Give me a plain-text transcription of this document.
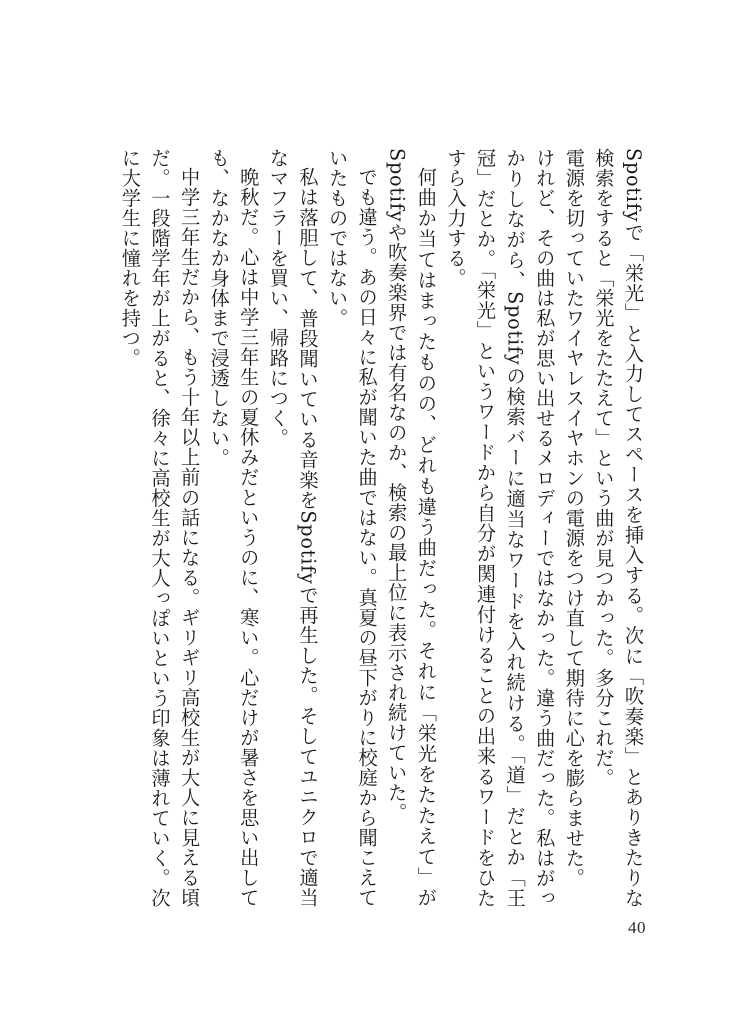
Spotifyで「栄光」と入力してスペースを挿入する。次に「吹奏楽」とありきたりな検索をすると「栄光をたたえて」という曲が見つかった。多分これだ。

電源を切っていたワイヤレスイヤホンの電源をつけ直して期待に心を膨らませた。

けれど、その曲は私が思い出せるメロディーではなかった。違う曲だった。私はがっかりしながら、Spotifyの検索バーに適当なワードを入れ続ける。「道」だとか「王冠」だとか。「栄光」というワードから自分が関連付けることの出来るワードをひたすら入力する。

何曲か当てはまったものの、どれも違う曲だった。それに「栄光をたたえて」がSpotifyや吹奏楽界では有名なのか、検索の最上位に表示され続けていた。

でも違う。あの日々に私が聞いた曲ではない。真夏の昼下がりに校庭から聞こえていたものではない。

私は落胆して、普段聞いている音楽をSpotifyで再生した。そしてユニクロで適当なマフラーを買い、帰路につく。

晩秋だ。心は中学三年生の夏休みだというのに、寒い。心だけが暑さを思い出しても、なかなか身体まで浸透しない。

中学三年生だから、もう十年以上前の話になる。ギリギリ高校生が大人に見える頃だ。一段階学年が上がると、徐々に高校生が大人っぽいという印象は薄れていく。次に大学生に憧れを持つ。

40
